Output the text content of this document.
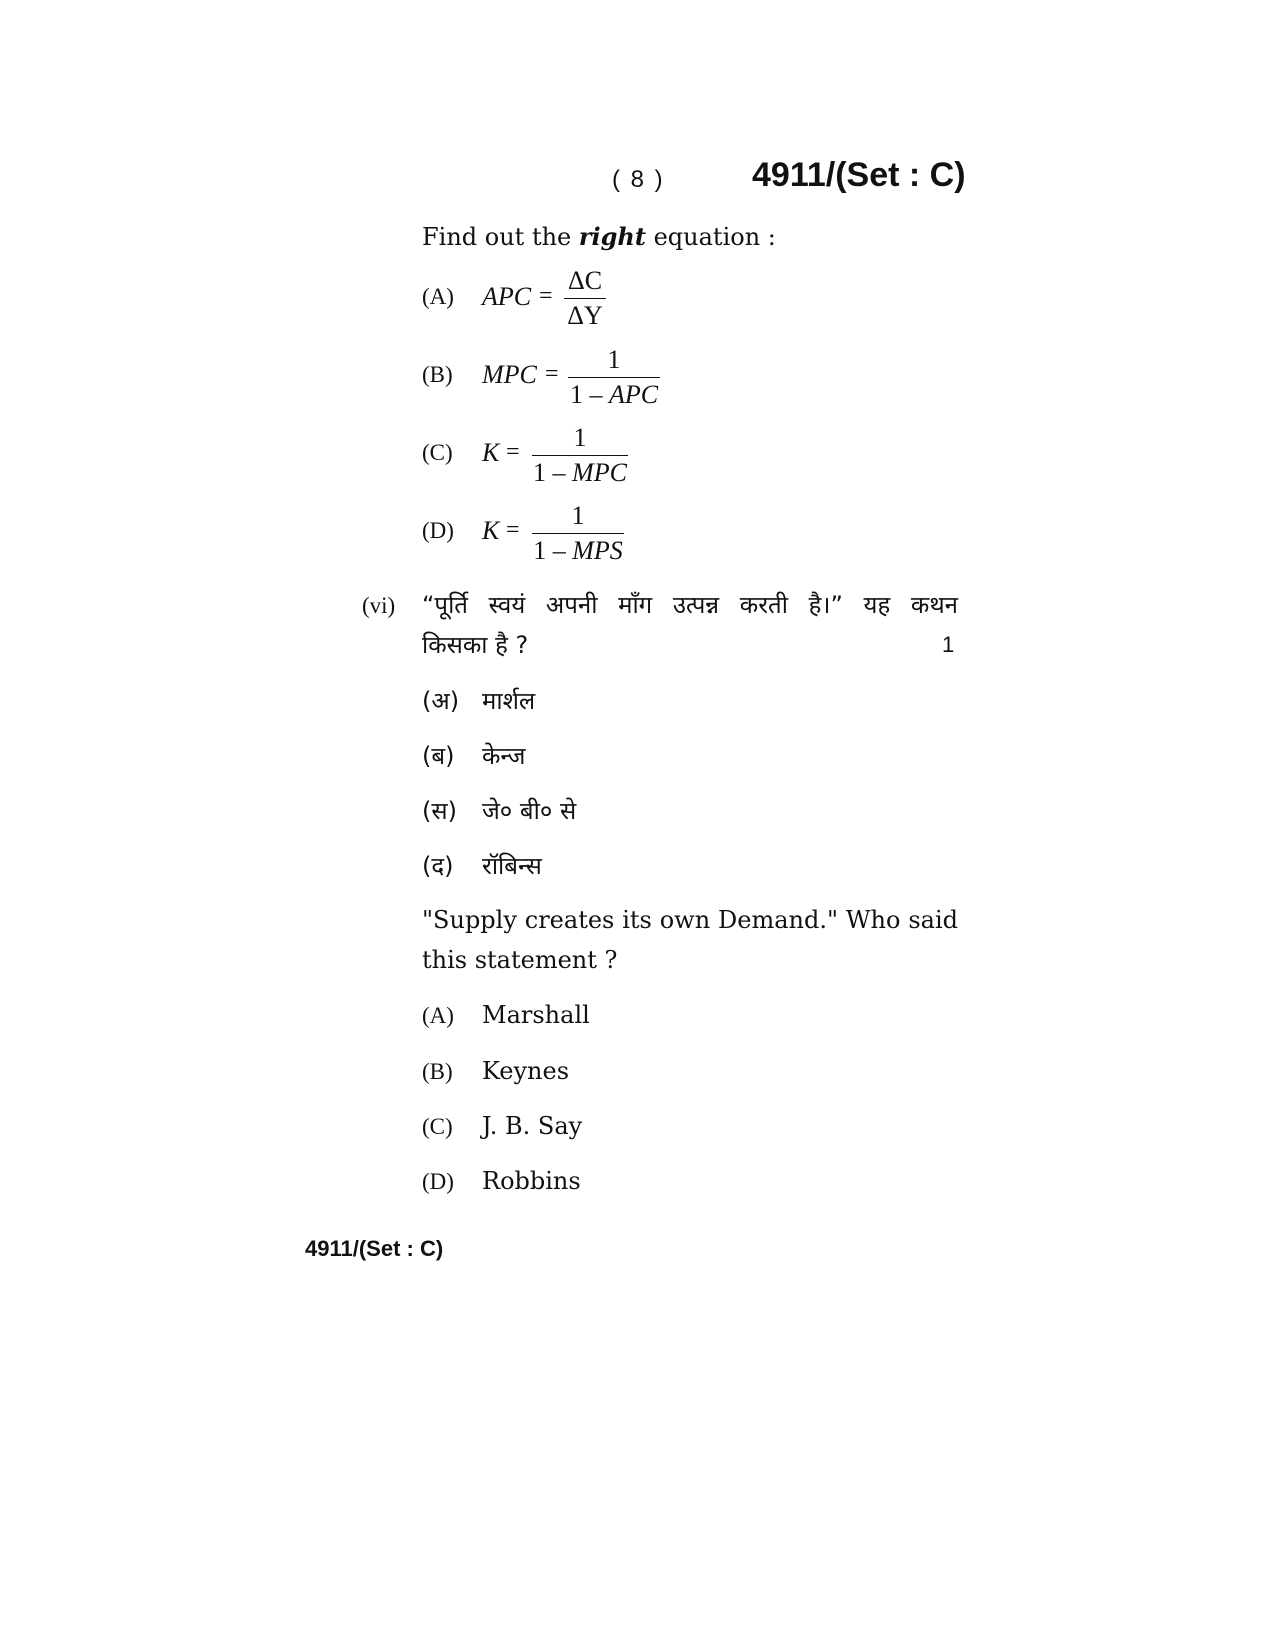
( 8 )	4911/(Set : C)
Find out the right equation :
(A) APC =
ΔC
ΔY
(B) MPC =	1
1 – APC
(C) K =	1
1 – MPC
(D) K =	1
1 – MPS
(vi) “पूर्ति स्वयं अपनी माँग उत्पन्न करती है।” यह कथन
किसका है ?	1
(अ) मार्शल
(ब) केन्ज
(स) जे० बी० से
(द) रॉबिन्स
"Supply creates its own Demand." Who said
this statement ?
(A) Marshall
(B) Keynes
(C) J. B. Say
(D) Robbins
4911/(Set : C)
